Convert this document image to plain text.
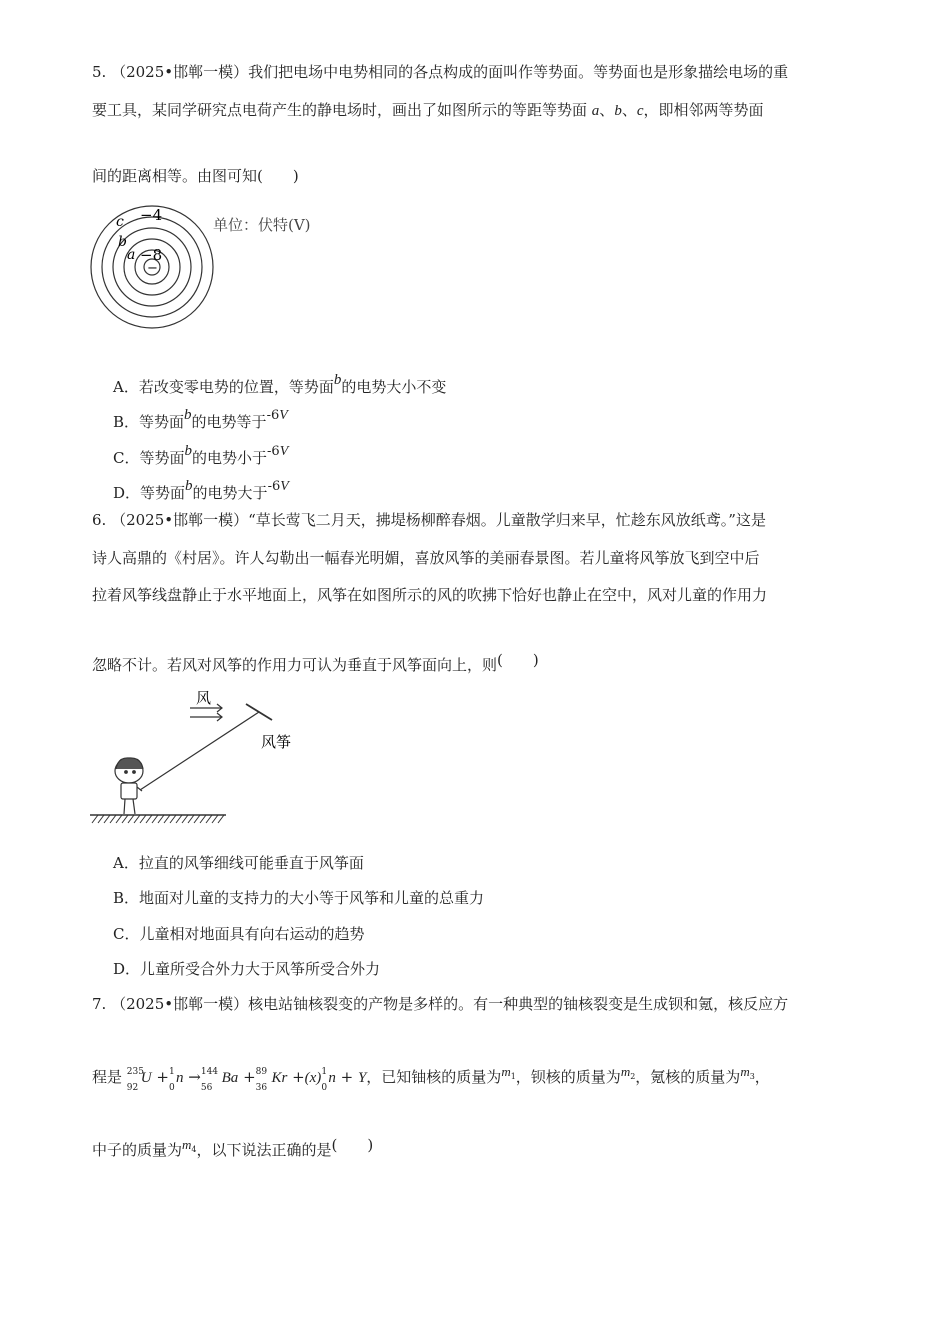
5. （2025•邯郸一模）我们把电场中电势相同的各点构成的面叫作等势面。等势面也是形象描绘电场的重
要工具，某同学研究点电荷产生的静电场时，画出了如图所示的等距等势面 a、b、c，即相邻两等势面
间的距离相等。由图可知(　　)
−
c −4
b
a −8
单位：伏特(V)
A．若改变零电势的位置，等势面b的电势大小不变
B．等势面b的电势等于-6V
C．等势面b的电势小于-6V
D．等势面b的电势大于-6V
6. （2025•邯郸一模）“草长莺飞二月天，拂堤杨柳醉春烟。儿童散学归来早，忙趁东风放纸鸢。”这是
诗人高鼎的《村居》。许人勾勒出一幅春光明媚，喜放风筝的美丽春景图。若儿童将风筝放飞到空中后
拉着风筝线盘静止于水平地面上，风筝在如图所示的风的吹拂下恰好也静止在空中，风对儿童的作用力
忽略不计。若风对风筝的作用力可认为垂直于风筝面向上，则(　　)
风
风筝
A．拉直的风筝细线可能垂直于风筝面
B．地面对儿童的支持力的大小等于风筝和儿童的总重力
C．儿童相对地面具有向右运动的趋势
D．儿童所受合外力大于风筝所受合外力
7. （2025•邯郸一模）核电站铀核裂变的产物是多样的。有一种典型的铀核裂变是生成钡和氪，核反应方
程是 235
92
U + 1
0
n → 144
56
Ba + 89
36
Kr +(x) 1
0
n + Y，已知铀核的质量为$m^1$，钡核的质量为$m^2$，氪核的质量为$m^3$，
中子的质量为$m^4$，以下说法正确的是(　　)
